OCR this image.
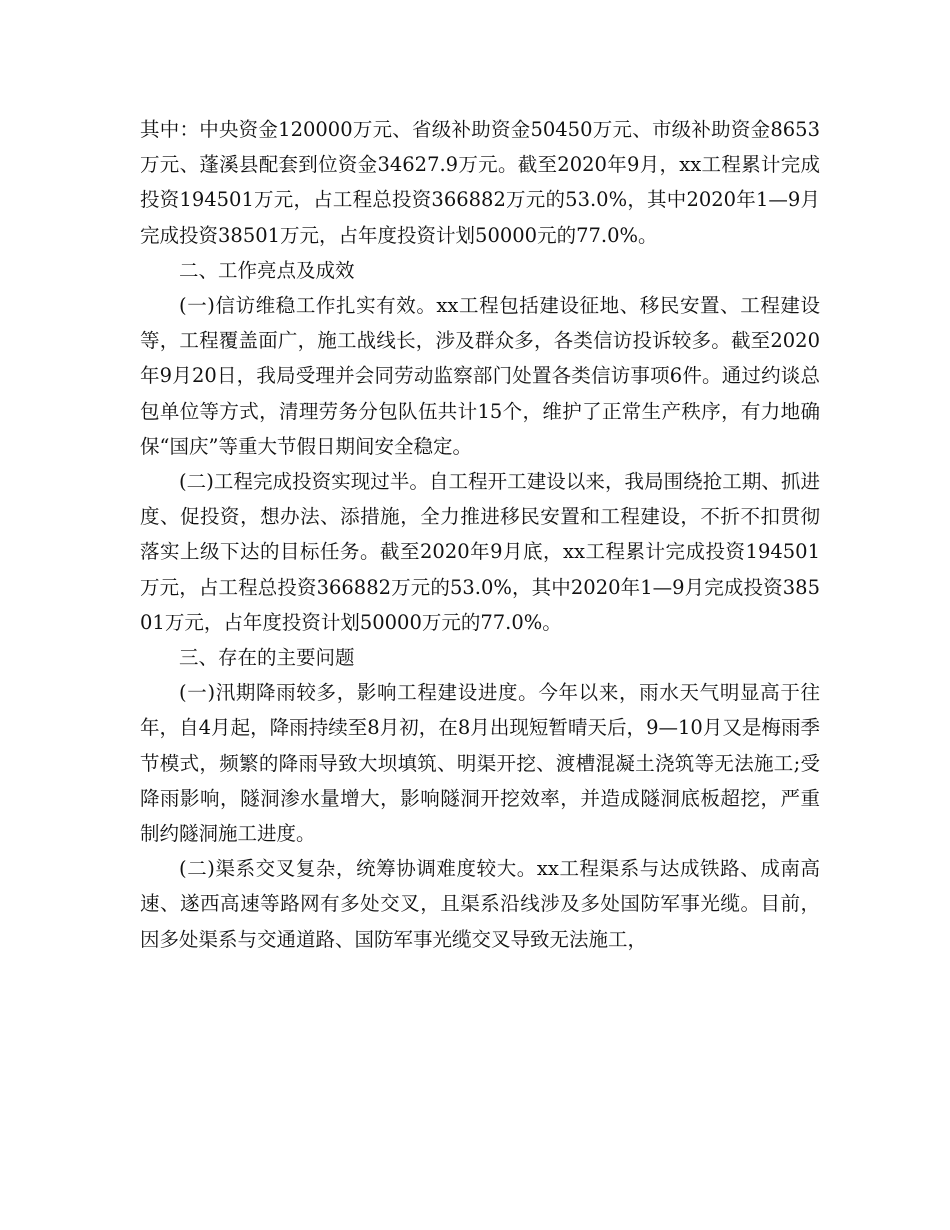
其中：中央资金120000万元、省级补助资金50450万元、市级补助资金8653万元、蓬溪县配套到位资金34627.9万元。截至2020年9月，xx工程累计完成投资194501万元，占工程总投资366882万元的53.0%，其中2020年1—9月完成投资38501万元，占年度投资计划50000元的77.0%。

二、工作亮点及成效

(一)信访维稳工作扎实有效。xx工程包括建设征地、移民安置、工程建设等，工程覆盖面广，施工战线长，涉及群众多，各类信访投诉较多。截至2020年9月20日，我局受理并会同劳动监察部门处置各类信访事项6件。通过约谈总包单位等方式，清理劳务分包队伍共计15个，维护了正常生产秩序，有力地确保“国庆”等重大节假日期间安全稳定。

(二)工程完成投资实现过半。自工程开工建设以来，我局围绕抢工期、抓进度、促投资，想办法、添措施，全力推进移民安置和工程建设，不折不扣贯彻落实上级下达的目标任务。截至2020年9月底，xx工程累计完成投资194501万元，占工程总投资366882万元的53.0%，其中2020年1—9月完成投资38501万元，占年度投资计划50000万元的77.0%。

三、存在的主要问题

(一)汛期降雨较多，影响工程建设进度。今年以来，雨水天气明显高于往年，自4月起，降雨持续至8月初，在8月出现短暂晴天后，9—10月又是梅雨季节模式，频繁的降雨导致大坝填筑、明渠开挖、渡槽混凝土浇筑等无法施工;受降雨影响，隧洞渗水量增大，影响隧洞开挖效率，并造成隧洞底板超挖，严重制约隧洞施工进度。

(二)渠系交叉复杂，统筹协调难度较大。xx工程渠系与达成铁路、成南高速、遂西高速等路网有多处交叉，且渠系沿线涉及多处国防军事光缆。目前，因多处渠系与交通道路、国防军事光缆交叉导致无法施工，
